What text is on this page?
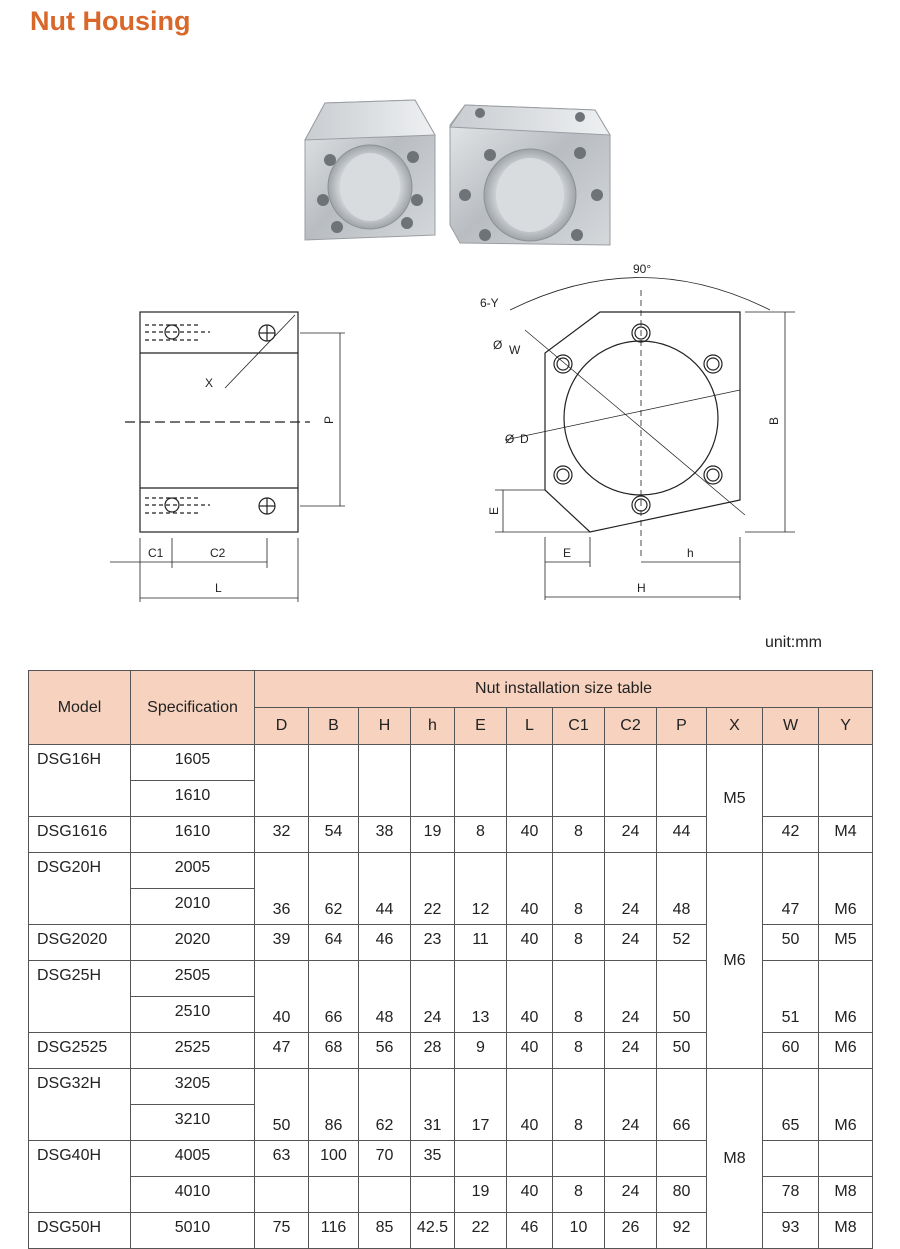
Nut Housing
X
P
C1	C2
L
90°
6-Y
Ø W
Ø D
B
E
E	h
H
unit:mm
Model	Specification	Nut installation size table											
		D	B	H	h	E	L	C1	C2	P	X	W	Y
DSG16H	1605										M5		
	1610												
DSG1616	1610	32	54	38	19	8	40	8	24	44		42	M4
DSG20H	2005	36	62	44	22	12	40	8	24	48	M6	47	M6
	2010												
DSG2020	2020	39	64	46	23	11	40	8	24	52		50	M5
DSG25H	2505	40	66	48	24	13	40	8	24	50		51	M6
	2510												
DSG2525	2525	47	68	56	28	9	40	8	24	50		60	M6
DSG32H	3205	50	86	62	31	17	40	8	24	66	M8	65	M6
	3210												
DSG40H	4005	63	100	70	35								
	4010					19	40	8	24	80		78	M8
DSG50H	5010	75	116	85	42.5	22	46	10	26	92		93	M8
